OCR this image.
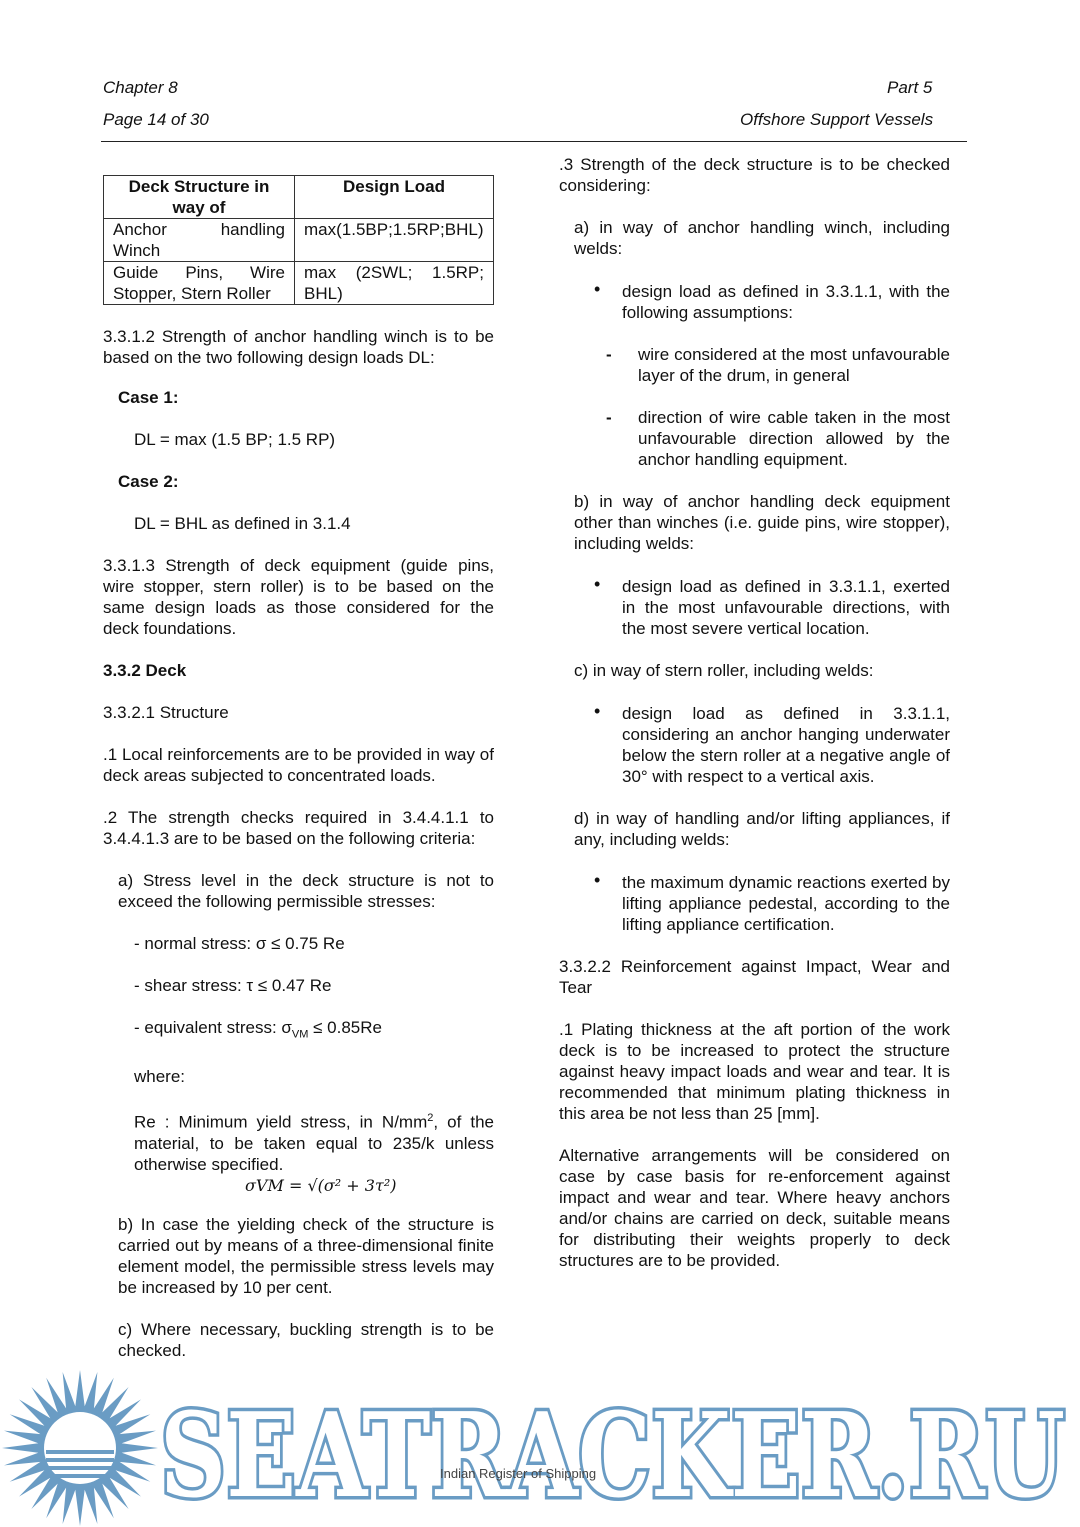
Chapter 8	Part 5
Page 14 of 30	Offshore Support Vessels
Deck Structure in way of	Design Load
Anchor handling Winch	max(1.5BP;1.5RP;BHL)
Guide Pins, Wire Stopper, Stern Roller	max (2SWL; 1.5RP; BHL)

3.3.1.2 Strength of anchor handling winch is to be based on the two following design loads DL:

Case 1:

DL = max (1.5 BP; 1.5 RP)

Case 2:

DL = BHL as defined in 3.1.4

3.3.1.3 Strength of deck equipment (guide pins, wire stopper, stern roller) is to be based on the same design loads as those considered for the deck foundations.

3.3.2 Deck

3.3.2.1 Structure

.1 Local reinforcements are to be provided in way of deck areas subjected to concentrated loads.

.2 The strength checks required in 3.4.4.1.1 to 3.4.4.1.3 are to be based on the following criteria:

a) Stress level in the deck structure is not to exceed the following permissible stresses:

- normal stress: σ ≤ 0.75 Re

- shear stress: τ ≤ 0.47 Re

- equivalent stress: $\sigma_{VM} \le 0.85Re$

where:

Re : Minimum yield stress, in $N/mm^2$, of the material, to be taken equal to 235/k unless otherwise specified.

σVM = √(σ² + 3τ²)

b) In case the yielding check of the structure is carried out by means of a three-dimensional finite element model, the permissible stress levels may be increased by 10 per cent.

c) Where necessary, buckling strength is to be checked.

.3 Strength of the deck structure is to be checked considering:

a) in way of anchor handling winch, including welds:

• design load as defined in 3.3.1.1, with the following assumptions:

- wire considered at the most unfavourable layer of the drum, in general

- direction of wire cable taken in the most unfavourable direction allowed by the anchor handling equipment.

b) in way of anchor handling deck equipment other than winches (i.e. guide pins, wire stopper), including welds:

• design load as defined in 3.3.1.1, exerted in the most unfavourable directions, with the most severe vertical location.

c) in way of stern roller, including welds:

• design load as defined in 3.3.1.1, considering an anchor hanging underwater below the stern roller at a negative angle of 30° with respect to a vertical axis.

d) in way of handling and/or lifting appliances, if any, including welds:

• the maximum dynamic reactions exerted by lifting appliance pedestal, according to the lifting appliance certification.

3.3.2.2 Reinforcement against Impact, Wear and Tear

.1 Plating thickness at the aft portion of the work deck is to be increased to protect the structure against heavy impact loads and wear and tear. It is recommended that minimum plating thickness in this area be not less than 25 [mm].

Alternative arrangements will be considered on case by case basis for re-enforcement against impact and wear and tear. Where heavy anchors and/or chains are carried on deck, suitable means for distributing their weights properly to deck structures are to be provided.

SEATRACKER.RU
Indian Register of Shipping
